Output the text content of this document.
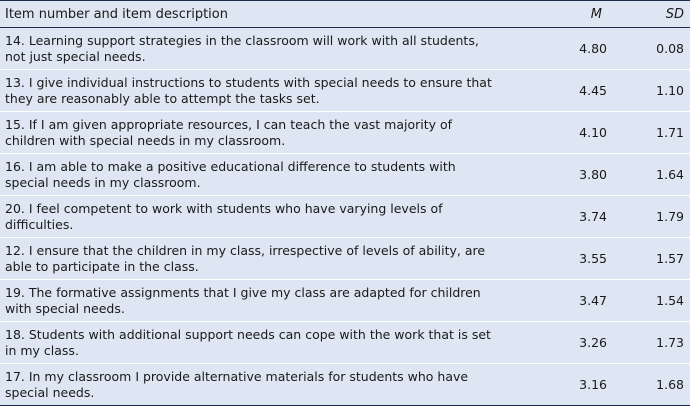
Item number and item description	M	SD

14. Learning support strategies in the classroom will work with all students,
not just special needs.	4.80	0.08

13. I give individual instructions to students with special needs to ensure that
they are reasonably able to attempt the tasks set.	4.45	1.10

15. If I am given appropriate resources, I can teach the vast majority of
children with special needs in my classroom.	4.10	1.71

16. I am able to make a positive educational difference to students with
special needs in my classroom.	3.80	1.64

20. I feel competent to work with students who have varying levels of
difficulties.	3.74	1.79

12. I ensure that the children in my class, irrespective of levels of ability, are
able to participate in the class.	3.55	1.57

19. The formative assignments that I give my class are adapted for children
with special needs.	3.47	1.54

18. Students with additional support needs can cope with the work that is set
in my class.	3.26	1.73

17. In my classroom I provide alternative materials for students who have
special needs.	3.16	1.68
